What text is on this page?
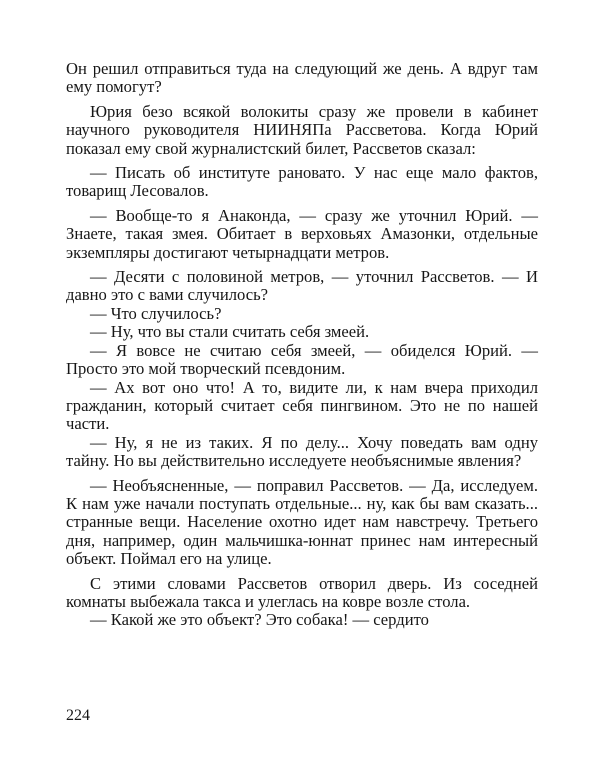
Он решил отправиться туда на следующий же день. А вдруг там ему помогут?

Юрия безо всякой волокиты сразу же провели в кабинет научного руководителя НИИНЯПа Рассветова. Когда Юрий показал ему свой журналистский билет, Рассветов сказал:

— Писать об институте рановато. У нас еще мало фактов, товарищ Лесовалов.

— Вообще-то я Анаконда, — сразу же уточнил Юрий. — Знаете, такая змея. Обитает в верховьях Амазонки, отдельные экземпляры достигают четырнадцати метров.

— Десяти с половиной метров, — уточнил Рассветов. — И давно это с вами случилось?

— Что случилось?

— Ну, что вы стали считать себя змеей.

— Я вовсе не считаю себя змеей, — обиделся Юрий. — Просто это мой творческий псевдоним.

— Ах вот оно что! А то, видите ли, к нам вчера приходил гражданин, который считает себя пингвином. Это не по нашей части.

— Ну, я не из таких. Я по делу... Хочу поведать вам одну тайну. Но вы действительно исследуете необъяснимые явления?

— Необъясненные, — поправил Рассветов. — Да, исследуем. К нам уже начали поступать отдельные... ну, как бы вам сказать... странные вещи. Население охотно идет нам навстречу. Третьего дня, например, один мальчишка-юннат принес нам интересный объект. Поймал его на улице.

С этими словами Рассветов отворил дверь. Из соседней комнаты выбежала такса и улеглась на ковре возле стола.

— Какой же это объект? Это собака! — сердито

224
